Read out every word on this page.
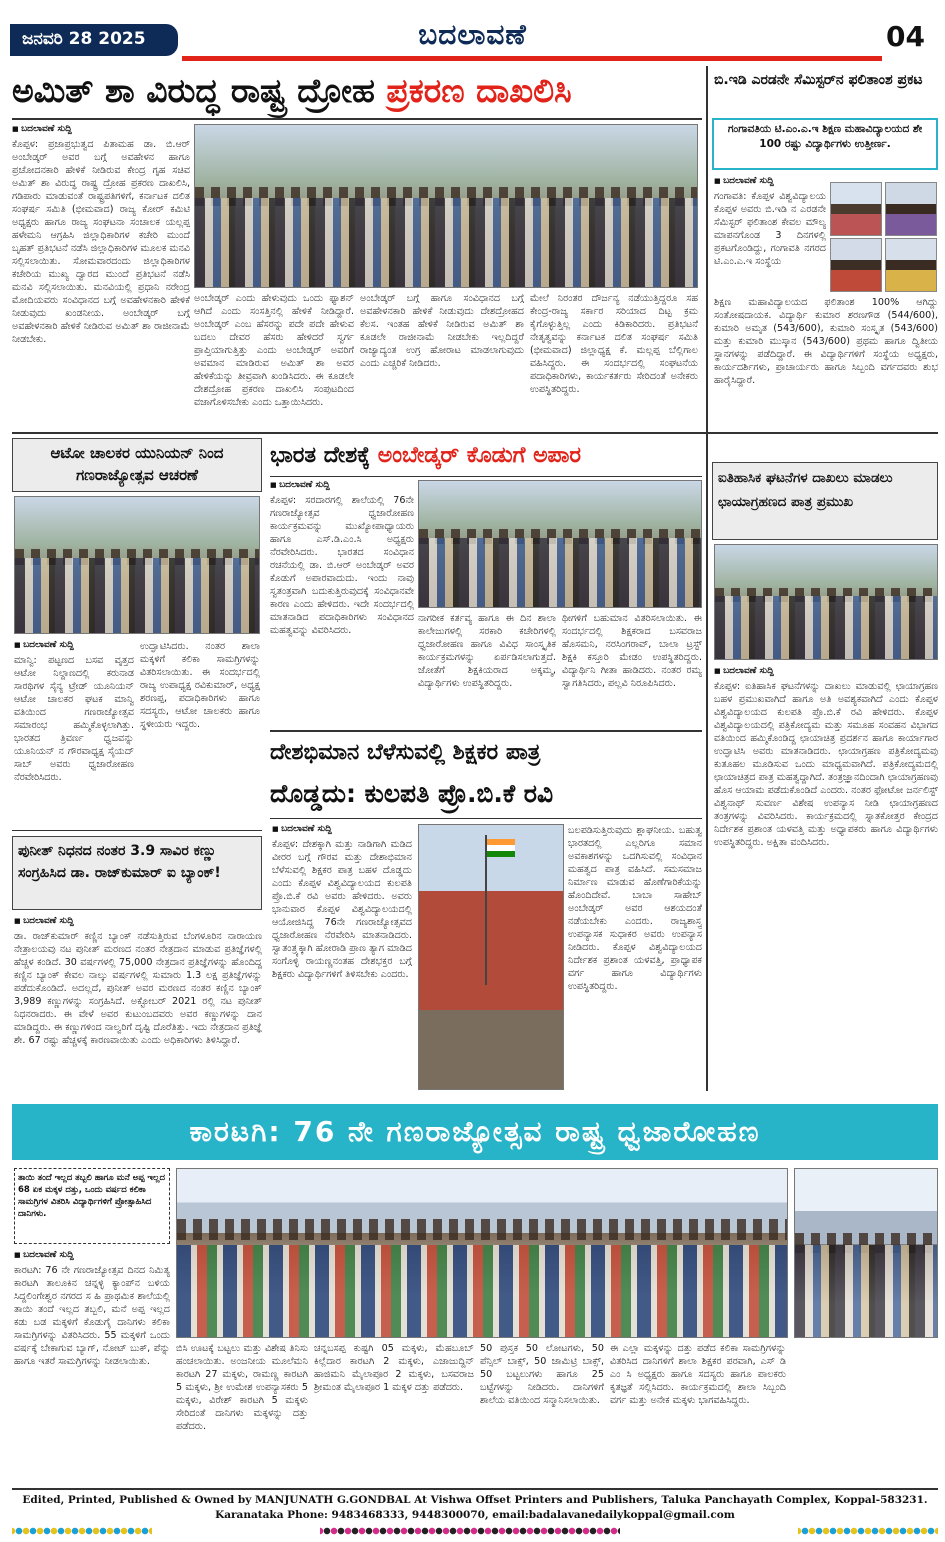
ಜನವರಿ 28 2025	ಬದಲಾವಣೆ	04
ಅಮಿತ್ ಶಾ ವಿರುದ್ಧ ರಾಷ್ಟ್ರ ದ್ರೋಹ ಪ್ರಕರಣ ದಾಖಲಿಸಿ
■ ಬದಲಾವಣೆ ಸುದ್ದಿ
ಕೊಪ್ಪಳ: ಪ್ರಜಾಪ್ರಭುತ್ವದ ಪಿತಾಮಹ ಡಾ. ಬಿ.ಆರ್ ಅಂಬೇಡ್ಕರ್ ಅವರ ಬಗ್ಗೆ ಅವಹೇಳನ ಹಾಗೂ ಪ್ರಚೋದನಕಾರಿ ಹೇಳಿಕೆ ನೀಡಿರುವ ಕೇಂದ್ರ ಗೃಹ ಸಚಿವ ಅಮಿತ್ ಶಾ ವಿರುದ್ಧ ರಾಷ್ಟ್ರ ದ್ರೋಹ ಪ್ರಕರಣ ದಾಖಲಿಸಿ, ಗಡಿಪಾರು ಮಾಡುವಂತೆ ರಾಷ್ಟ್ರಪತಿಗಳಿಗೆ, ಕರ್ನಾಟಕ ದಲಿತ ಸಂಘರ್ಷ ಸಮಿತಿ (ಭೀಮವಾದ) ರಾಜ್ಯ ಕೋರ್ ಕಮಿಟಿ ಅಧ್ಯಕ್ಷರು ಹಾಗೂ ರಾಜ್ಯ ಸಂಘಟನಾ ಸಂಚಾಲಕ ಯಲ್ಲಪ್ಪ ಹಳೇಮನಿ ಆಗ್ರಹಿಸಿ ಜಿಲ್ಲಾಧಿಕಾರಿಗಳ ಕಚೇರಿ ಮುಂದೆ ಬೃಹತ್ ಪ್ರತಿಭಟನೆ ನಡೆಸಿ ಜಿಲ್ಲಾಧಿಕಾರಿಗಳ ಮೂಲಕ ಮನವಿ ಸಲ್ಲಿಸಲಾಯಿತು. ಸೋಮವಾರದಂದು ಜಿಲ್ಲಾಧಿಕಾರಿಗಳ ಕಚೇರಿಯ ಮುಖ್ಯ ದ್ವಾರದ ಮುಂದೆ ಪ್ರತಿಭಟನೆ ನಡೆಸಿ ಮನವಿ ಸಲ್ಲಿಸಲಾಯಿತು. ಮನವಿಯಲ್ಲಿ ಪ್ರಧಾನಿ ನರೇಂದ್ರ ಮೋದಿಯವರು ಸಂವಿಧಾನದ ಬಗ್ಗೆ ಅವಹೇಳನಕಾರಿ ಹೇಳಿಕೆ ನೀಡುವುದು ಖಂಡನೀಯ. ಅಂಬೇಡ್ಕರ್ ಬಗ್ಗೆ ಅವಹೇಳನಕಾರಿ ಹೇಳಿಕೆ ನೀಡಿರುವ ಅಮಿತ್ ಶಾ ರಾಜೀನಾಮೆ ನೀಡಬೇಕು.
ಅಂಬೇಡ್ಕರ್ ಎಂದು ಹೇಳುವುದು ಒಂದು ಫ್ಯಾಶನ್ ಆಗಿದೆ ಎಂದು ಸಂಸತ್ತಿನಲ್ಲಿ ಹೇಳಿಕೆ ನೀಡಿದ್ದಾರೆ. ಅಂಬೇಡ್ಕರ್ ಎಂಬ ಹೆಸರನ್ನು ಪದೇ ಪದೇ ಹೇಳುವ ಬದಲು ದೇವರ ಹೆಸರು ಹೇಳಿದರೆ ಸ್ವರ್ಗ ಪ್ರಾಪ್ತಿಯಾಗುತ್ತಿತ್ತು ಎಂದು ಅಂಬೇಡ್ಕರ್ ಅವರಿಗೆ ಅವಮಾನ ಮಾಡಿರುವ ಅಮಿತ್ ಶಾ ಅವರ ಹೇಳಿಕೆಯನ್ನು ತೀವ್ರವಾಗಿ ಖಂಡಿಸಿದರು. ಈ ಕೂಡಲೇ ದೇಶದ್ರೋಹ ಪ್ರಕರಣ ದಾಖಲಿಸಿ ಸಂಪುಟದಿಂದ ವಜಾಗೊಳಿಸಬೇಕು ಎಂದು ಒತ್ತಾಯಿಸಿದರು.
ಅಂಬೇಡ್ಕರ್ ಬಗ್ಗೆ ಹಾಗೂ ಸಂವಿಧಾನದ ಬಗ್ಗೆ ಅವಹೇಳನಕಾರಿ ಹೇಳಿಕೆ ನೀಡುವುದು ದೇಶದ್ರೋಹದ ಕೆಲಸ. ಇಂತಹ ಹೇಳಿಕೆ ನೀಡಿರುವ ಅಮಿತ್ ಶಾ ಕೂಡಲೇ ರಾಜೀನಾಮೆ ನೀಡಬೇಕು ಇಲ್ಲದಿದ್ದರೆ ರಾಜ್ಯಾದ್ಯಂತ ಉಗ್ರ ಹೋರಾಟ ಮಾಡಲಾಗುವುದು ಎಂದು ಎಚ್ಚರಿಕೆ ನೀಡಿದರು.
ಮೇಲೆ ನಿರಂತರ ದೌರ್ಜನ್ಯ ನಡೆಯುತ್ತಿದ್ದರೂ ಸಹ ಕೇಂದ್ರ-ರಾಜ್ಯ ಸರ್ಕಾರ ಸರಿಯಾದ ದಿಟ್ಟ ಕ್ರಮ ಕೈಗೊಳ್ಳುತ್ತಿಲ್ಲ ಎಂದು ಕಿಡಿಕಾರಿದರು. ಪ್ರತಿಭಟನೆ ನೇತೃತ್ವವನ್ನು ಕರ್ನಾಟಕ ದಲಿತ ಸಂಘರ್ಷ ಸಮಿತಿ (ಭೀಮವಾದ) ಜಿಲ್ಲಾಧ್ಯಕ್ಷ ಕೆ. ಮಲ್ಲಪ್ಪ ಬೆಲ್ಲಿಗಾಲ ವಹಿಸಿದ್ದರು. ಈ ಸಂದರ್ಭದಲ್ಲಿ ಸಂಘಟನೆಯ ಪದಾಧಿಕಾರಿಗಳು, ಕಾರ್ಯಕರ್ತರು ಸೇರಿದಂತೆ ಅನೇಕರು ಉಪಸ್ಥಿತರಿದ್ದರು.
ಬಿ.ಇಡಿ ಎರಡನೇ ಸೆಮಿಸ್ಟರ್‌ನ ಫಲಿತಾಂಶ ಪ್ರಕಟ
ಗಂಗಾವತಿಯ ಟಿ.ಎಂ.ಎ.ಇ ಶಿಕ್ಷಣ ಮಹಾವಿದ್ಯಾಲಯದ ಶೇ 100 ರಷ್ಟು ವಿದ್ಯಾರ್ಥಿಗಳು ಉತ್ತೀರ್ಣ.
■ ಬದಲಾವಣೆ ಸುದ್ದಿ
ಗಂಗಾವತಿ: ಕೊಪ್ಪಳ ವಿಶ್ವವಿದ್ಯಾಲಯ ಕೊಪ್ಪಳ ಅವರು ಬಿ.ಇಡಿ ನ ಎರಡನೇ ಸೆಮಿಸ್ಟರ್ ಫಲಿತಾಂಶ ಕೇವಲ ಮೌಲ್ಯ ಮಾಪನಗೊಂಡ 3 ದಿನಗಳಲ್ಲಿ ಪ್ರಕಟಗೊಂಡಿದ್ದು, ಗಂಗಾವತಿ ನಗರದ ಟಿ.ಎಂ.ಎ.ಇ ಸಂಸ್ಥೆಯ
ಶಿಕ್ಷಣ ಮಹಾವಿದ್ಯಾಲಯದ ಫಲಿತಾಂಶ 100% ಆಗಿದ್ದು ಸಂತೋಷದಾಯಕ. ವಿದ್ಯಾರ್ಥಿ ಕುಮಾರ ಶರಣಗೌಡ (544/600), ಕುಮಾರಿ ಅಮೃತ (543/600), ಕುಮಾರಿ ಸಂಸ್ಕೃತ (543/600) ಮತ್ತು ಕುಮಾರಿ ಮುಸ್ಕಾನ (543/600) ಪ್ರಥಮ ಹಾಗೂ ದ್ವಿತೀಯ ಸ್ಥಾನಗಳನ್ನು ಪಡೆದಿದ್ದಾರೆ. ಈ ವಿದ್ಯಾರ್ಥಿಗಳಿಗೆ ಸಂಸ್ಥೆಯ ಅಧ್ಯಕ್ಷರು, ಕಾರ್ಯದರ್ಶಿಗಳು, ಪ್ರಾಚಾರ್ಯರು ಹಾಗೂ ಸಿಬ್ಬಂದಿ ವರ್ಗದವರು ಶುಭ ಹಾರೈಸಿದ್ದಾರೆ.
ಆಟೋ ಚಾಲಕರ ಯುನಿಯನ್‌ ನಿಂದ ಗಣರಾಜ್ಯೋತ್ಸವ ಆಚರಣೆ
■ ಬದಲಾವಣೆ ಸುದ್ದಿ
ಮಾನ್ವಿ: ಪಟ್ಟಣದ ಬಸವ ವೃತ್ತದ ಆಟೋ ನಿಲ್ದಾಣದಲ್ಲಿ ಕರುನಾಡ ಸಾರಥಿಗಳ ಸೈನ್ಯ ಟ್ರೇಡ್ ಯೂನಿಯನ್ ಆಟೋ ಚಾಲಕರ ಘಟಕ ಮಾನ್ವಿ ವತಿಯಿಂದ ಗಣರಾಜ್ಯೋತ್ಸವ ಸಮಾರಂಭ ಹಮ್ಮಿಕೊಳ್ಳಲಾಗಿತ್ತು. ಭಾರತದ ತ್ರಿವರ್ಣ ಧ್ವಜವನ್ನು ಯೂನಿಯನ್ ನ ಗೌರವಾಧ್ಯಕ್ಷ ಸೈಯದ್ ಸಾಬ್ ಅವರು ಧ್ವಜಾರೋಹಣ ನೆರವೇರಿಸಿದರು.
ಉದ್ಘಾಟಿಸಿದರು. ನಂತರ ಶಾಲಾ ಮಕ್ಕಳಿಗೆ ಕಲಿಕಾ ಸಾಮಗ್ರಿಗಳನ್ನು ವಿತರಿಸಲಾಯಿತು. ಈ ಸಂದರ್ಭದಲ್ಲಿ ರಾಜ್ಯ ಉಪಾಧ್ಯಕ್ಷ ರವಿಕುಮಾರ್, ಅಧ್ಯಕ್ಷ ಶರಣಪ್ಪ, ಪದಾಧಿಕಾರಿಗಳು ಹಾಗೂ ಸದಸ್ಯರು, ಆಟೋ ಚಾಲಕರು ಹಾಗೂ ಸ್ಥಳೀಯರು ಇದ್ದರು.
ಭಾರತ ದೇಶಕ್ಕೆ ಅಂಬೇಡ್ಕರ್ ಕೊಡುಗೆ ಅಪಾರ
■ ಬದಲಾವಣೆ ಸುದ್ದಿ
ಕೊಪ್ಪಳ: ಸರದಾರಗಲ್ಲಿ ಶಾಲೆಯಲ್ಲಿ 76ನೇ ಗಣರಾಜ್ಯೋತ್ಸವ ಧ್ವಜಾರೋಹಣ ಕಾರ್ಯಕ್ರಮವನ್ನು ಮುಖ್ಯೋಪಾಧ್ಯಾಯರು ಹಾಗೂ ಎಸ್.ಡಿ.ಎಂ.ಸಿ ಅಧ್ಯಕ್ಷರು ನೆರವೇರಿಸಿದರು. ಭಾರತದ ಸಂವಿಧಾನ ರಚನೆಯಲ್ಲಿ ಡಾ. ಬಿ.ಆರ್ ಅಂಬೇಡ್ಕರ್ ಅವರ ಕೊಡುಗೆ ಅಪಾರವಾದುದು. ಇಂದು ನಾವು ಸ್ವತಂತ್ರವಾಗಿ ಬದುಕುತ್ತಿರುವುದಕ್ಕೆ ಸಂವಿಧಾನವೇ ಕಾರಣ ಎಂದು ಹೇಳಿದರು. ಇದೇ ಸಂದರ್ಭದಲ್ಲಿ ಮಾತನಾಡಿದ ಪದಾಧಿಕಾರಿಗಳು ಸಂವಿಧಾನದ ಮಹತ್ವವನ್ನು ವಿವರಿಸಿದರು.
ನಾಗರೀಕ ಕರ್ತವ್ಯ ಹಾಗೂ ಈ ದಿನ ಶಾಲಾ ಕಾಲೇಜುಗಳಲ್ಲಿ ಸರಕಾರಿ ಕಚೇರಿಗಳಲ್ಲಿ ಧ್ವಜಾರೋಹಣ ಹಾಗೂ ವಿವಿಧ ಸಾಂಸ್ಕೃತಿಕ ಕಾರ್ಯಕ್ರಮಗಳನ್ನು ಏರ್ಪಡಿಸಲಾಗುತ್ತದೆ. ಜೋತೆಗೆ ಶಿಕ್ಷಕಿಯರಾದ ಅಕ್ಕಮ್ಮ, ವಿದ್ಯಾರ್ಥಿಗಳು ಉಪಸ್ಥಿತರಿದ್ದರು.
ಥೀಗಳಿಗೆ ಬಹುಮಾನ ವಿತರಿಸಲಾಯಿತು. ಈ ಸಂದರ್ಭದಲ್ಲಿ ಶಿಕ್ಷಕರಾದ ಬಸವರಾಜ ಹೊಸಮನಿ, ನರಸಿಂಗರಾವ್, ಬಾಲಾ ಟ್ರಸ್ಟ್ ಶಿಕ್ಷಕಿ ಕಸ್ತೂರಿ ಮೇಡಂ ಉಪಸ್ಥಿತರಿದ್ದರು. ವಿದ್ಯಾರ್ಥಿನಿ ಗೀತಾ ಹಾಡಿದರು. ನಂತರ ರಮ್ಯ ಸ್ವಾಗತಿಸಿದರು, ಪಲ್ಲವಿ ನಿರೂಪಿಸಿದರು.
ಐತಿಹಾಸಿಕ ಘಟನೆಗಳ ದಾಖಲು ಮಾಡಲು ಛಾಯಾಗ್ರಹಣದ ಪಾತ್ರ ಪ್ರಮುಖ
■ ಬದಲಾವಣೆ ಸುದ್ದಿ
ಕೊಪ್ಪಳ: ಐತಿಹಾಸಿಕ ಘಟನೆಗಳನ್ನು ದಾಖಲು ಮಾಡುವಲ್ಲಿ ಛಾಯಾಗ್ರಹಣ ಬಹಳ ಪ್ರಮುಖವಾಗಿದೆ ಹಾಗೂ ಅತಿ ಅವಶ್ಯಕವಾಗಿದೆ ಎಂದು ಕೊಪ್ಪಳ ವಿಶ್ವವಿದ್ಯಾಲಯದ ಕುಲಪತಿ ಪ್ರೊ.ಬಿ.ಕೆ ರವಿ ಹೇಳಿದರು. ಕೊಪ್ಪಳ ವಿಶ್ವವಿದ್ಯಾಲಯದಲ್ಲಿ ಪತ್ರಿಕೋದ್ಯಮ ಮತ್ತು ಸಮೂಹ ಸಂವಹನ ವಿಭಾಗದ ವತಿಯಿಂದ ಹಮ್ಮಿಕೊಂಡಿದ್ದ ಛಾಯಾಚಿತ್ರ ಪ್ರದರ್ಶನ ಹಾಗೂ ಕಾರ್ಯಾಗಾರ ಉದ್ಘಾಟಿಸಿ ಅವರು ಮಾತನಾಡಿದರು. ಛಾಯಾಗ್ರಹಣ ಪತ್ರಿಕೋದ್ಯಮವು ಕುತೂಹಲ ಮೂಡಿಸುವ ಒಂದು ಮಾಧ್ಯಮವಾಗಿದೆ. ಪತ್ರಿಕೋದ್ಯಮದಲ್ಲಿ ಛಾಯಾಚಿತ್ರದ ಪಾತ್ರ ಮಹತ್ವದ್ದಾಗಿದೆ. ತಂತ್ರಜ್ಞಾನದಿಂದಾಗಿ ಛಾಯಾಗ್ರಹಣವು ಹೊಸ ಆಯಾಮ ಪಡೆದುಕೊಂಡಿದೆ ಎಂದರು. ನಂತರ ಫೋಟೋ ಜರ್ನಲಿಸ್ಟ್ ವಿಶ್ವನಾಥ್ ಸುವರ್ಣ ವಿಶೇಷ ಉಪನ್ಯಾಸ ನೀಡಿ ಛಾಯಾಗ್ರಹಣದ ತಂತ್ರಗಳನ್ನು ವಿವರಿಸಿದರು. ಕಾರ್ಯಕ್ರಮದಲ್ಲಿ ಸ್ನಾತಕೋತ್ತರ ಕೇಂದ್ರದ ನಿರ್ದೇಶಕ ಪ್ರಶಾಂತ ಯಳವತ್ತಿ ಮತ್ತು ಅಧ್ಯಾಪಕರು ಹಾಗೂ ವಿದ್ಯಾರ್ಥಿಗಳು ಉಪಸ್ಥಿತರಿದ್ದರು. ಅಕ್ಷಿತಾ ವಂದಿಸಿದರು.
ಪುನೀತ್ ನಿಧನದ ನಂತರ 3.9 ಸಾವಿರ ಕಣ್ಣು ಸಂಗ್ರಹಿಸಿದ ಡಾ. ರಾಜ್‌ಕುಮಾರ್ ಐ ಬ್ಯಾಂಕ್!
■ ಬದಲಾವಣೆ ಸುದ್ದಿ
ಡಾ. ರಾಜ್‌ಕುಮಾರ್ ಕಣ್ಣಿನ ಬ್ಯಾಂಕ್ ನಡೆಸುತ್ತಿರುವ ಬೆಂಗಳೂರಿನ ನಾರಾಯಣ ನೇತ್ರಾಲಯವು ನಟ ಪುನೀತ್ ಮರಣದ ನಂತರ ನೇತ್ರದಾನ ಮಾಡುವ ಪ್ರತಿಜ್ಞೆಗಳಲ್ಲಿ ಹೆಚ್ಚಳ ಕಂಡಿದೆ. 30 ವರ್ಷಗಳಲ್ಲಿ 75,000 ನೇತ್ರದಾನ ಪ್ರತಿಜ್ಞೆಗಳನ್ನು ಹೊಂದಿದ್ದ ಕಣ್ಣಿನ ಬ್ಯಾಂಕ್ ಕೇವಲ ನಾಲ್ಕು ವರ್ಷಗಳಲ್ಲಿ ಸುಮಾರು 1.3 ಲಕ್ಷ ಪ್ರತಿಜ್ಞೆಗಳನ್ನು ಪಡೆದುಕೊಂಡಿದೆ. ಅದಲ್ಲದೆ, ಪುನೀತ್ ಅವರ ಮರಣದ ನಂತರ ಕಣ್ಣಿನ ಬ್ಯಾಂಕ್ 3,989 ಕಣ್ಣುಗಳನ್ನು ಸಂಗ್ರಹಿಸಿದೆ. ಅಕ್ಟೋಬರ್ 2021 ರಲ್ಲಿ ನಟ ಪುನೀತ್ ನಿಧನರಾದರು. ಈ ವೇಳೆ ಅವರ ಕುಟುಂಬದವರು ಅವರ ಕಣ್ಣುಗಳನ್ನು ದಾನ ಮಾಡಿದ್ದರು. ಈ ಕಣ್ಣುಗಳಿಂದ ನಾಲ್ವರಿಗೆ ದೃಷ್ಟಿ ದೊರೆತಿತ್ತು. ಇದು ನೇತ್ರದಾನ ಪ್ರತಿಜ್ಞೆ ಶೇ. 67 ರಷ್ಟು ಹೆಚ್ಚಳಕ್ಕೆ ಕಾರಣವಾಯಿತು ಎಂದು ಅಧಿಕಾರಿಗಳು ತಿಳಿಸಿದ್ದಾರೆ.
ದೇಶಭಿಮಾನ ಬೆಳೆಸುವಲ್ಲಿ ಶಿಕ್ಷಕರ ಪಾತ್ರ
ದೊಡ್ಡದು: ಕುಲಪತಿ ಪ್ರೊ.ಬಿ.ಕೆ ರವಿ
■ ಬದಲಾವಣೆ ಸುದ್ದಿ
ಕೊಪ್ಪಳ: ದೇಶಕ್ಕಾಗಿ ಮತ್ತು ನಾಡಿಗಾಗಿ ಮಡಿದ ವೀರರ ಬಗ್ಗೆ ಗೌರವ ಮತ್ತು ದೇಶಾಭಿಮಾನ ಬೆಳೆಸುವಲ್ಲಿ ಶಿಕ್ಷಕರ ಪಾತ್ರ ಬಹಳ ದೊಡ್ಡದು ಎಂದು ಕೊಪ್ಪಳ ವಿಶ್ವವಿದ್ಯಾಲಯದ ಕುಲಪತಿ ಪ್ರೊ.ಬಿ.ಕೆ ರವಿ ಅವರು ಹೇಳಿದರು. ಅವರು ಭಾನುವಾರ ಕೊಪ್ಪಳ ವಿಶ್ವವಿದ್ಯಾಲಯದಲ್ಲಿ ಆಯೋಜಿಸಿದ್ದ 76ನೇ ಗಣರಾಜ್ಯೋತ್ಸವದ ಧ್ವಜಾರೋಹಣ ನೆರವೇರಿಸಿ ಮಾತನಾಡಿದರು. ಸ್ವಾತಂತ್ರ್ಯಕ್ಕಾಗಿ ಹೋರಾಡಿ ಪ್ರಾಣ ತ್ಯಾಗ ಮಾಡಿದ ಸಂಗೊಳ್ಳಿ ರಾಯಣ್ಣನಂತಹ ದೇಶಭಕ್ತರ ಬಗ್ಗೆ ಶಿಕ್ಷಕರು ವಿದ್ಯಾರ್ಥಿಗಳಿಗೆ ತಿಳಿಸಬೇಕು ಎಂದರು.
ಬಲಪಡಿಸುತ್ತಿರುವುದು ಶ್ಲಾಘನೀಯ. ಬಹುತ್ವ ಭಾರತದಲ್ಲಿ ಎಲ್ಲರಿಗೂ ಸಮಾನ ಅವಕಾಶಗಳನ್ನು ಒದಗಿಸುವಲ್ಲಿ ಸಂವಿಧಾನ ಮಹತ್ವದ ಪಾತ್ರ ವಹಿಸಿದೆ. ಸಮಸಮಾಜ ನಿರ್ಮಾಣ ಮಾಡುವ ಹೊಣೆಗಾರಿಕೆಯನ್ನು ಹೊಂದಿದೇವೆ. ಬಾಬಾ ಸಾಹೇಬ್ ಅಂಬೇಡ್ಕರ್ ಅವರ ಆಶಯದಂತೆ ನಡೆಯಬೇಕು ಎಂದರು. ರಾಜ್ಯಶಾಸ್ತ್ರ ಉಪನ್ಯಾಸಕ ಸುಧಾಕರ ಅವರು ಉಪನ್ಯಾಸ ನೀಡಿದರು. ಕೊಪ್ಪಳ ವಿಶ್ವವಿದ್ಯಾಲಯದ ನಿರ್ದೇಶಕ ಪ್ರಶಾಂತ ಯಳವತ್ತಿ, ಪ್ರಾಧ್ಯಾಪಕ ವರ್ಗ ಹಾಗೂ ವಿದ್ಯಾರ್ಥಿಗಳು ಉಪಸ್ಥಿತರಿದ್ದರು.
ಕಾರಟಗಿ: 76 ನೇ ಗಣರಾಜ್ಯೋತ್ಸವ ರಾಷ್ಟ್ರ ಧ್ವಜಾರೋಹಣ
ತಾಯಿ ತಂದೆ ಇಲ್ಲದ ತಬ್ಬಲಿ ಹಾಗೂ ಮನೆ ಅಪ್ಪ ಇಲ್ಲದ 68 ಏಕ ಮಕ್ಕಳ ದತ್ತು, ಒಂದು ವರ್ಷದ ಕಲಿಕಾ ಸಾಮಗ್ರಿಗಳ ವಿತರಿಸಿ ವಿದ್ಯಾರ್ಥಿಗಳಿಗೆ ಪ್ರೋತ್ಸಾಹಿಸಿದ ದಾನಿಗಳು.
■ ಬದಲಾವಣೆ ಸುದ್ದಿ
ಕಾರಟಗಿ: 76 ನೇ ಗಣರಾಜ್ಯೋತ್ಸವ ದಿನದ ನಿಮಿತ್ಯ ಕಾರಟಗಿ ತಾಲೂಕಿನ ಚನ್ನಳ್ಳಿ ಕ್ಯಾಂಪ್‌ನ ಬಳಿಯ ಸಿದ್ದಲಿಂಗೇಶ್ವರ ನಗರದ ಸ ಹಿ ಪ್ರಾಥಮಿಕ ಶಾಲೆಯಲ್ಲಿ ತಾಯಿ ತಂದೆ ಇಲ್ಲದ ತಬ್ಬಲಿ, ಮನೆ ಅಪ್ಪ ಇಲ್ಲದ ಕಡು ಬಡ ಮಕ್ಕಳಿಗೆ ಕೊಡುಗೈ ದಾನಿಗಳು ಕಲಿಕಾ ಸಾಮಗ್ರಿಗಳನ್ನು ವಿತರಿಸಿದರು. 55 ಮಕ್ಕಳಿಗೆ ಒಂದು ವರ್ಷಕ್ಕೆ ಬೇಕಾಗುವ ಬ್ಯಾಗ್, ನೋಟ್ ಬುಕ್, ಪೆನ್ನು ಹಾಗೂ ಇತರೆ ಸಾಮಗ್ರಿಗಳನ್ನು ನೀಡಲಾಯಿತು.
ಬಿಸಿ ಊಟಕ್ಕೆ ಬಟ್ಟಲು ಮತ್ತು ವಿಶೇಷ ತಿನಿಸು ಹಂಚಲಾಯಿತು. ಅಂಜನೀಯ ಮೂಲೆಮನಿ ಕಾರಟಗಿ 27 ಮಕ್ಕಳು, ರಾಮಣ್ಣ ಕಾರಟಗಿ 5 ಮಕ್ಕಳು, ಶ್ರೀ ಉಮೇಶ ಉಪನ್ಯಾಸಕರು 5 ಮಕ್ಕಳು, ವಿರೇಶ್ ಕಾರಟಗಿ 5 ಮಕ್ಕಳು ಸೇರಿದಂತೆ ದಾನಿಗಳು ಮಕ್ಕಳನ್ನು ದತ್ತು ಪಡೆದರು.
ಚನ್ನಬಸಪ್ಪ ಕುಷ್ಟಗಿ 05 ಮಕ್ಕಳು, ಮೆಹಬೂಬ್ ಕಿಲ್ಲೆದಾರ ಕಾರಟಗಿ 2 ಮಕ್ಕಳು, ಎಜಾಜುದ್ದಿನ್ ಹಾಜಿಮನಿ ಮೈಲಾಪೂರ 2 ಮಕ್ಕಳು, ಬಸವರಾಜ ಶ್ರೀಮಂತ ಮೈಲಾಪೂರ 1 ಮಕ್ಕಳ ದತ್ತು ಪಡೆದರು.
50 ಪುಸ್ತಕ 50 ಲೋಟಗಳು, 50 ಪೆನ್ಸಿಲ್ ಬಾಕ್ಸ್, 50 ಜಾಮಿಟ್ರಿ ಬಾಕ್ಸ್, 50 ಬಟ್ಟಲುಗಳು ಹಾಗೂ 25 ಬಟ್ಟೆಗಳನ್ನು ನೀಡಿದರು. ದಾನಿಗಳಿಗೆ ಶಾಲೆಯ ವತಿಯಿಂದ ಸನ್ಮಾನಿಸಲಾಯಿತು.
ಈ ಎಲ್ಲಾ ಮಕ್ಕಳನ್ನು ದತ್ತು ಪಡೆದ ಕಲಿಕಾ ಸಾಮಗ್ರಿಗಳನ್ನು ವಿತರಿಸಿದ ದಾನಿಗಳಿಗೆ ಶಾಲಾ ಶಿಕ್ಷಕರ ಪರವಾಗಿ, ಎಸ್ ಡಿ ಎಂ ಸಿ ಅಧ್ಯಕ್ಷರು ಹಾಗೂ ಸದಸ್ಯರು ಹಾಗೂ ಪಾಲಕರು ಕೃತಜ್ಞತೆ ಸಲ್ಲಿಸಿದರು. ಕಾರ್ಯಕ್ರಮದಲ್ಲಿ ಶಾಲಾ ಸಿಬ್ಬಂದಿ ವರ್ಗ ಮತ್ತು ಅನೇಕ ಮಕ್ಕಳು ಭಾಗವಹಿಸಿದ್ದರು.
Edited, Printed, Published & Owned by MANJUNATH G.GONDBAL At Vishwa Offset Printers and Publishers, Taluka Panchayath Complex, Koppal-583231.
Karanataka Phone: 9483468333, 9448300070, email:badalavanedailykoppal@gmail.com
